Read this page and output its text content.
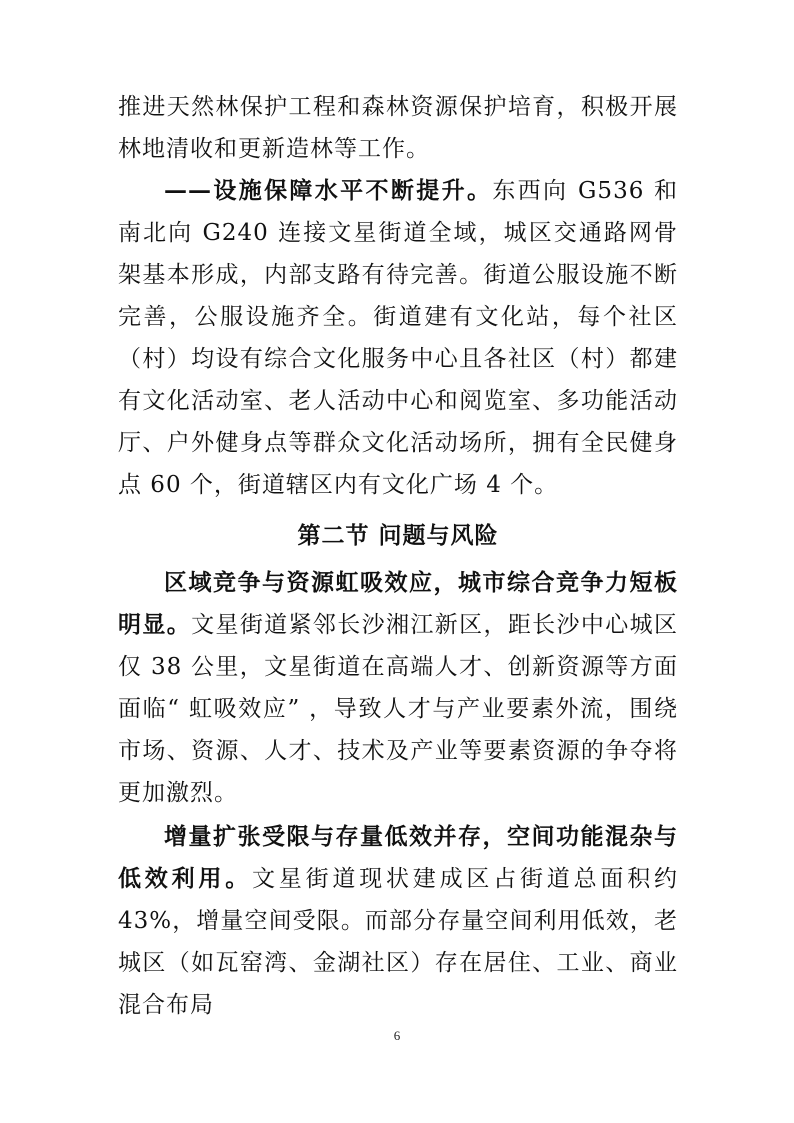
推进天然林保护工程和森林资源保护培育，积极开展林地清收和更新造林等工作。

——设施保障水平不断提升。东西向 G536 和南北向 G240 连接文星街道全域，城区交通路网骨架基本形成，内部支路有待完善。街道公服设施不断完善，公服设施齐全。街道建有文化站，每个社区（村）均设有综合文化服务中心且各社区（村）都建有文化活动室、老人活动中心和阅览室、多功能活动厅、户外健身点等群众文化活动场所，拥有全民健身点 60 个，街道辖区内有文化广场 4 个。

第二节 问题与风险

区域竞争与资源虹吸效应，城市综合竞争力短板明显。文星街道紧邻长沙湘江新区，距长沙中心城区仅 38 公里，文星街道在高端人才、创新资源等方面面临“ 虹吸效应” ，导致人才与产业要素外流，围绕市场、资源、人才、技术及产业等要素资源的争夺将更加激烈。

增量扩张受限与存量低效并存，空间功能混杂与低效利用。文星街道现状建成区占街道总面积约 43%，增量空间受限。而部分存量空间利用低效，老城区（如瓦窑湾、金湖社区）存在居住、工业、商业混合布局

6
